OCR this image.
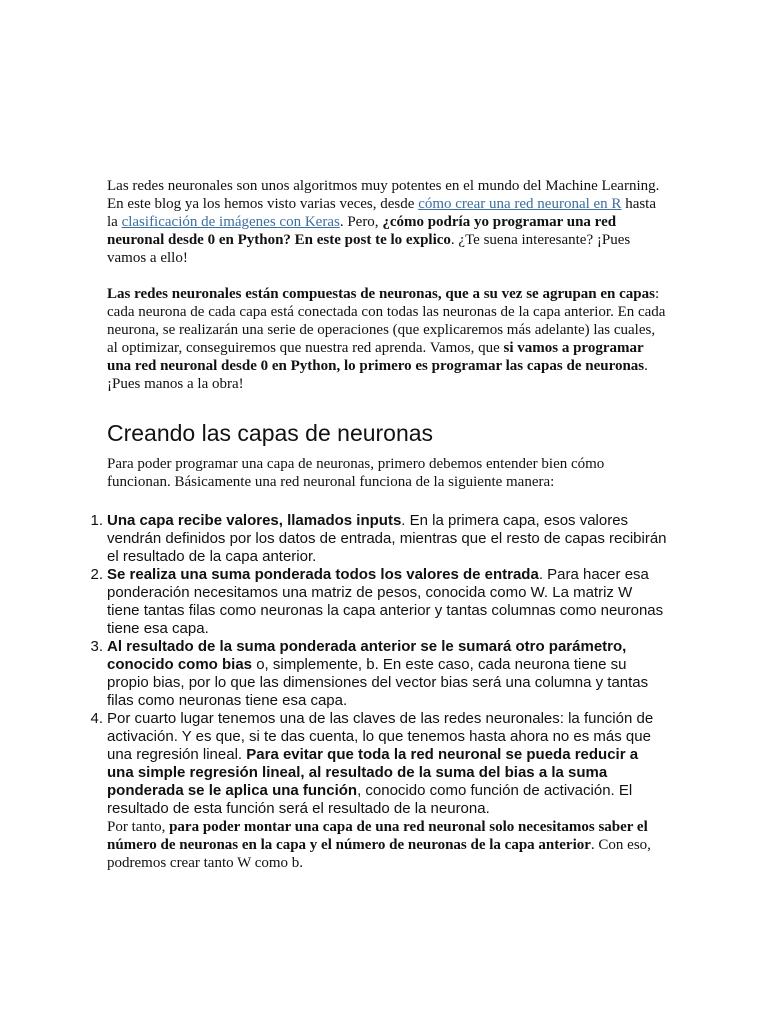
Las redes neuronales son unos algoritmos muy potentes en el mundo del Machine Learning. En este blog ya los hemos visto varias veces, desde cómo crear una red neuronal en R hasta la clasificación de imágenes con Keras. Pero, ¿cómo podría yo programar una red neuronal desde 0 en Python? En este post te lo explico. ¿Te suena interesante? ¡Pues vamos a ello!

Las redes neuronales están compuestas de neuronas, que a su vez se agrupan en capas: cada neurona de cada capa está conectada con todas las neuronas de la capa anterior. En cada neurona, se realizarán una serie de operaciones (que explicaremos más adelante) las cuales, al optimizar, conseguiremos que nuestra red aprenda. Vamos, que si vamos a programar una red neuronal desde 0 en Python, lo primero es programar las capas de neuronas. ¡Pues manos a la obra!

Creando las capas de neuronas

Para poder programar una capa de neuronas, primero debemos entender bien cómo funcionan. Básicamente una red neuronal funciona de la siguiente manera:

1. Una capa recibe valores, llamados inputs. En la primera capa, esos valores vendrán definidos por los datos de entrada, mientras que el resto de capas recibirán el resultado de la capa anterior.
2. Se realiza una suma ponderada todos los valores de entrada. Para hacer esa ponderación necesitamos una matriz de pesos, conocida como W. La matriz W tiene tantas filas como neuronas la capa anterior y tantas columnas como neuronas tiene esa capa.
3. Al resultado de la suma ponderada anterior se le sumará otro parámetro, conocido como bias o, simplemente, b. En este caso, cada neurona tiene su propio bias, por lo que las dimensiones del vector bias será una columna y tantas filas como neuronas tiene esa capa.
4. Por cuarto lugar tenemos una de las claves de las redes neuronales: la función de activación. Y es que, si te das cuenta, lo que tenemos hasta ahora no es más que una regresión lineal. Para evitar que toda la red neuronal se pueda reducir a una simple regresión lineal, al resultado de la suma del bias a la suma ponderada se le aplica una función, conocido como función de activación. El resultado de esta función será el resultado de la neurona.

Por tanto, para poder montar una capa de una red neuronal solo necesitamos saber el número de neuronas en la capa y el número de neuronas de la capa anterior. Con eso, podremos crear tanto W como b.
